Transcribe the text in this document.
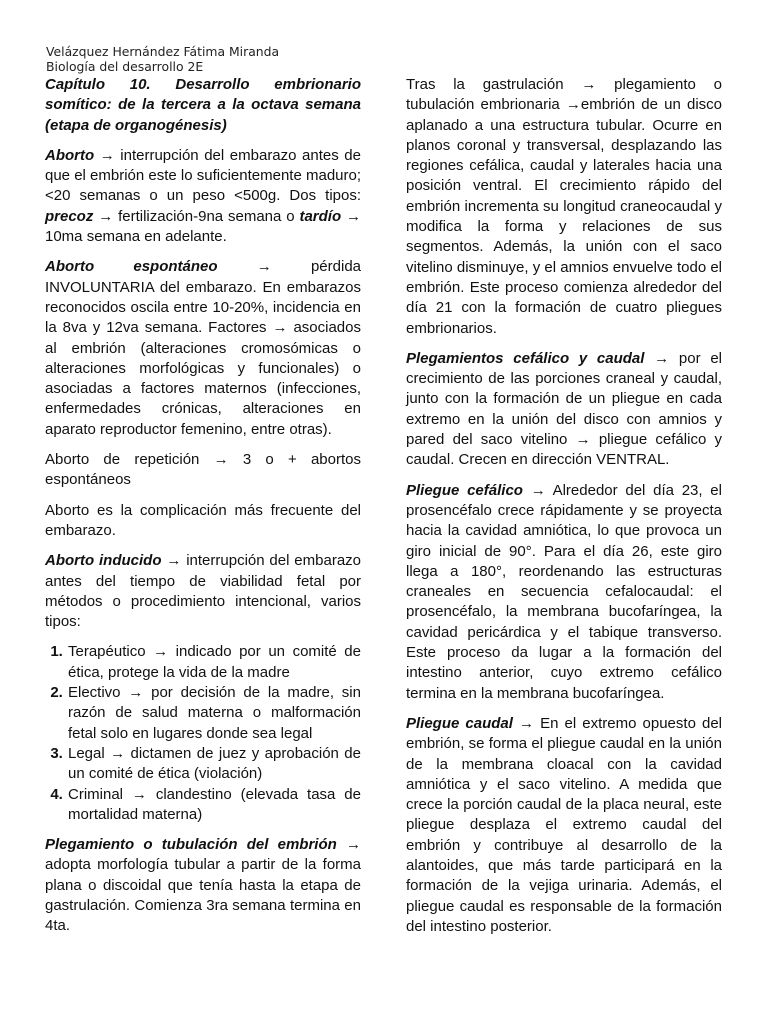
Velázquez Hernández Fátima Miranda
Biología del desarrollo 2E

Capítulo 10. Desarrollo embrionario somítico: de la tercera a la octava semana (etapa de organogénesis)

Aborto → interrupción del embarazo antes de que el embrión este lo suficientemente maduro; <20 semanas o un peso <500g. Dos tipos: precoz → fertilización-9na semana o tardío → 10ma semana en adelante.

Aborto espontáneo → pérdida INVOLUNTARIA del embarazo. En embarazos reconocidos oscila entre 10-20%, incidencia en la 8va y 12va semana. Factores → asociados al embrión (alteraciones cromosómicas o alteraciones morfológicas y funcionales) o asociadas a factores maternos (infecciones, enfermedades crónicas, alteraciones en aparato reproductor femenino, entre otras).

Aborto de repetición → 3 o + abortos espontáneos

Aborto es la complicación más frecuente del embarazo.

Aborto inducido → interrupción del embarazo antes del tiempo de viabilidad fetal por métodos o procedimiento intencional, varios tipos:

1. Terapéutico → indicado por un comité de ética, protege la vida de la madre
2. Electivo → por decisión de la madre, sin razón de salud materna o malformación fetal solo en lugares donde sea legal
3. Legal → dictamen de juez y aprobación de un comité de ética (violación)
4. Criminal → clandestino (elevada tasa de mortalidad materna)

Plegamiento o tubulación del embrión → adopta morfología tubular a partir de la forma plana o discoidal que tenía hasta la etapa de gastrulación. Comienza 3ra semana termina en 4ta.

Tras la gastrulación → plegamiento o tubulación embrionaria →embrión de un disco aplanado a una estructura tubular. Ocurre en planos coronal y transversal, desplazando las regiones cefálica, caudal y laterales hacia una posición ventral. El crecimiento rápido del embrión incrementa su longitud craneocaudal y modifica la forma y relaciones de sus segmentos. Además, la unión con el saco vitelino disminuye, y el amnios envuelve todo el embrión. Este proceso comienza alrededor del día 21 con la formación de cuatro pliegues embrionarios.

Plegamientos cefálico y caudal → por el crecimiento de las porciones craneal y caudal, junto con la formación de un pliegue en cada extremo en la unión del disco con amnios y pared del saco vitelino → pliegue cefálico y caudal. Crecen en dirección VENTRAL.

Pliegue cefálico → Alrededor del día 23, el prosencéfalo crece rápidamente y se proyecta hacia la cavidad amniótica, lo que provoca un giro inicial de 90°. Para el día 26, este giro llega a 180°, reordenando las estructuras craneales en secuencia cefalocaudal: el prosencéfalo, la membrana bucofaríngea, la cavidad pericárdica y el tabique transverso. Este proceso da lugar a la formación del intestino anterior, cuyo extremo cefálico termina en la membrana bucofaríngea.

Pliegue caudal → En el extremo opuesto del embrión, se forma el pliegue caudal en la unión de la membrana cloacal con la cavidad amniótica y el saco vitelino. A medida que crece la porción caudal de la placa neural, este pliegue desplaza el extremo caudal del embrión y contribuye al desarrollo de la alantoides, que más tarde participará en la formación de la vejiga urinaria. Además, el pliegue caudal es responsable de la formación del intestino posterior.
